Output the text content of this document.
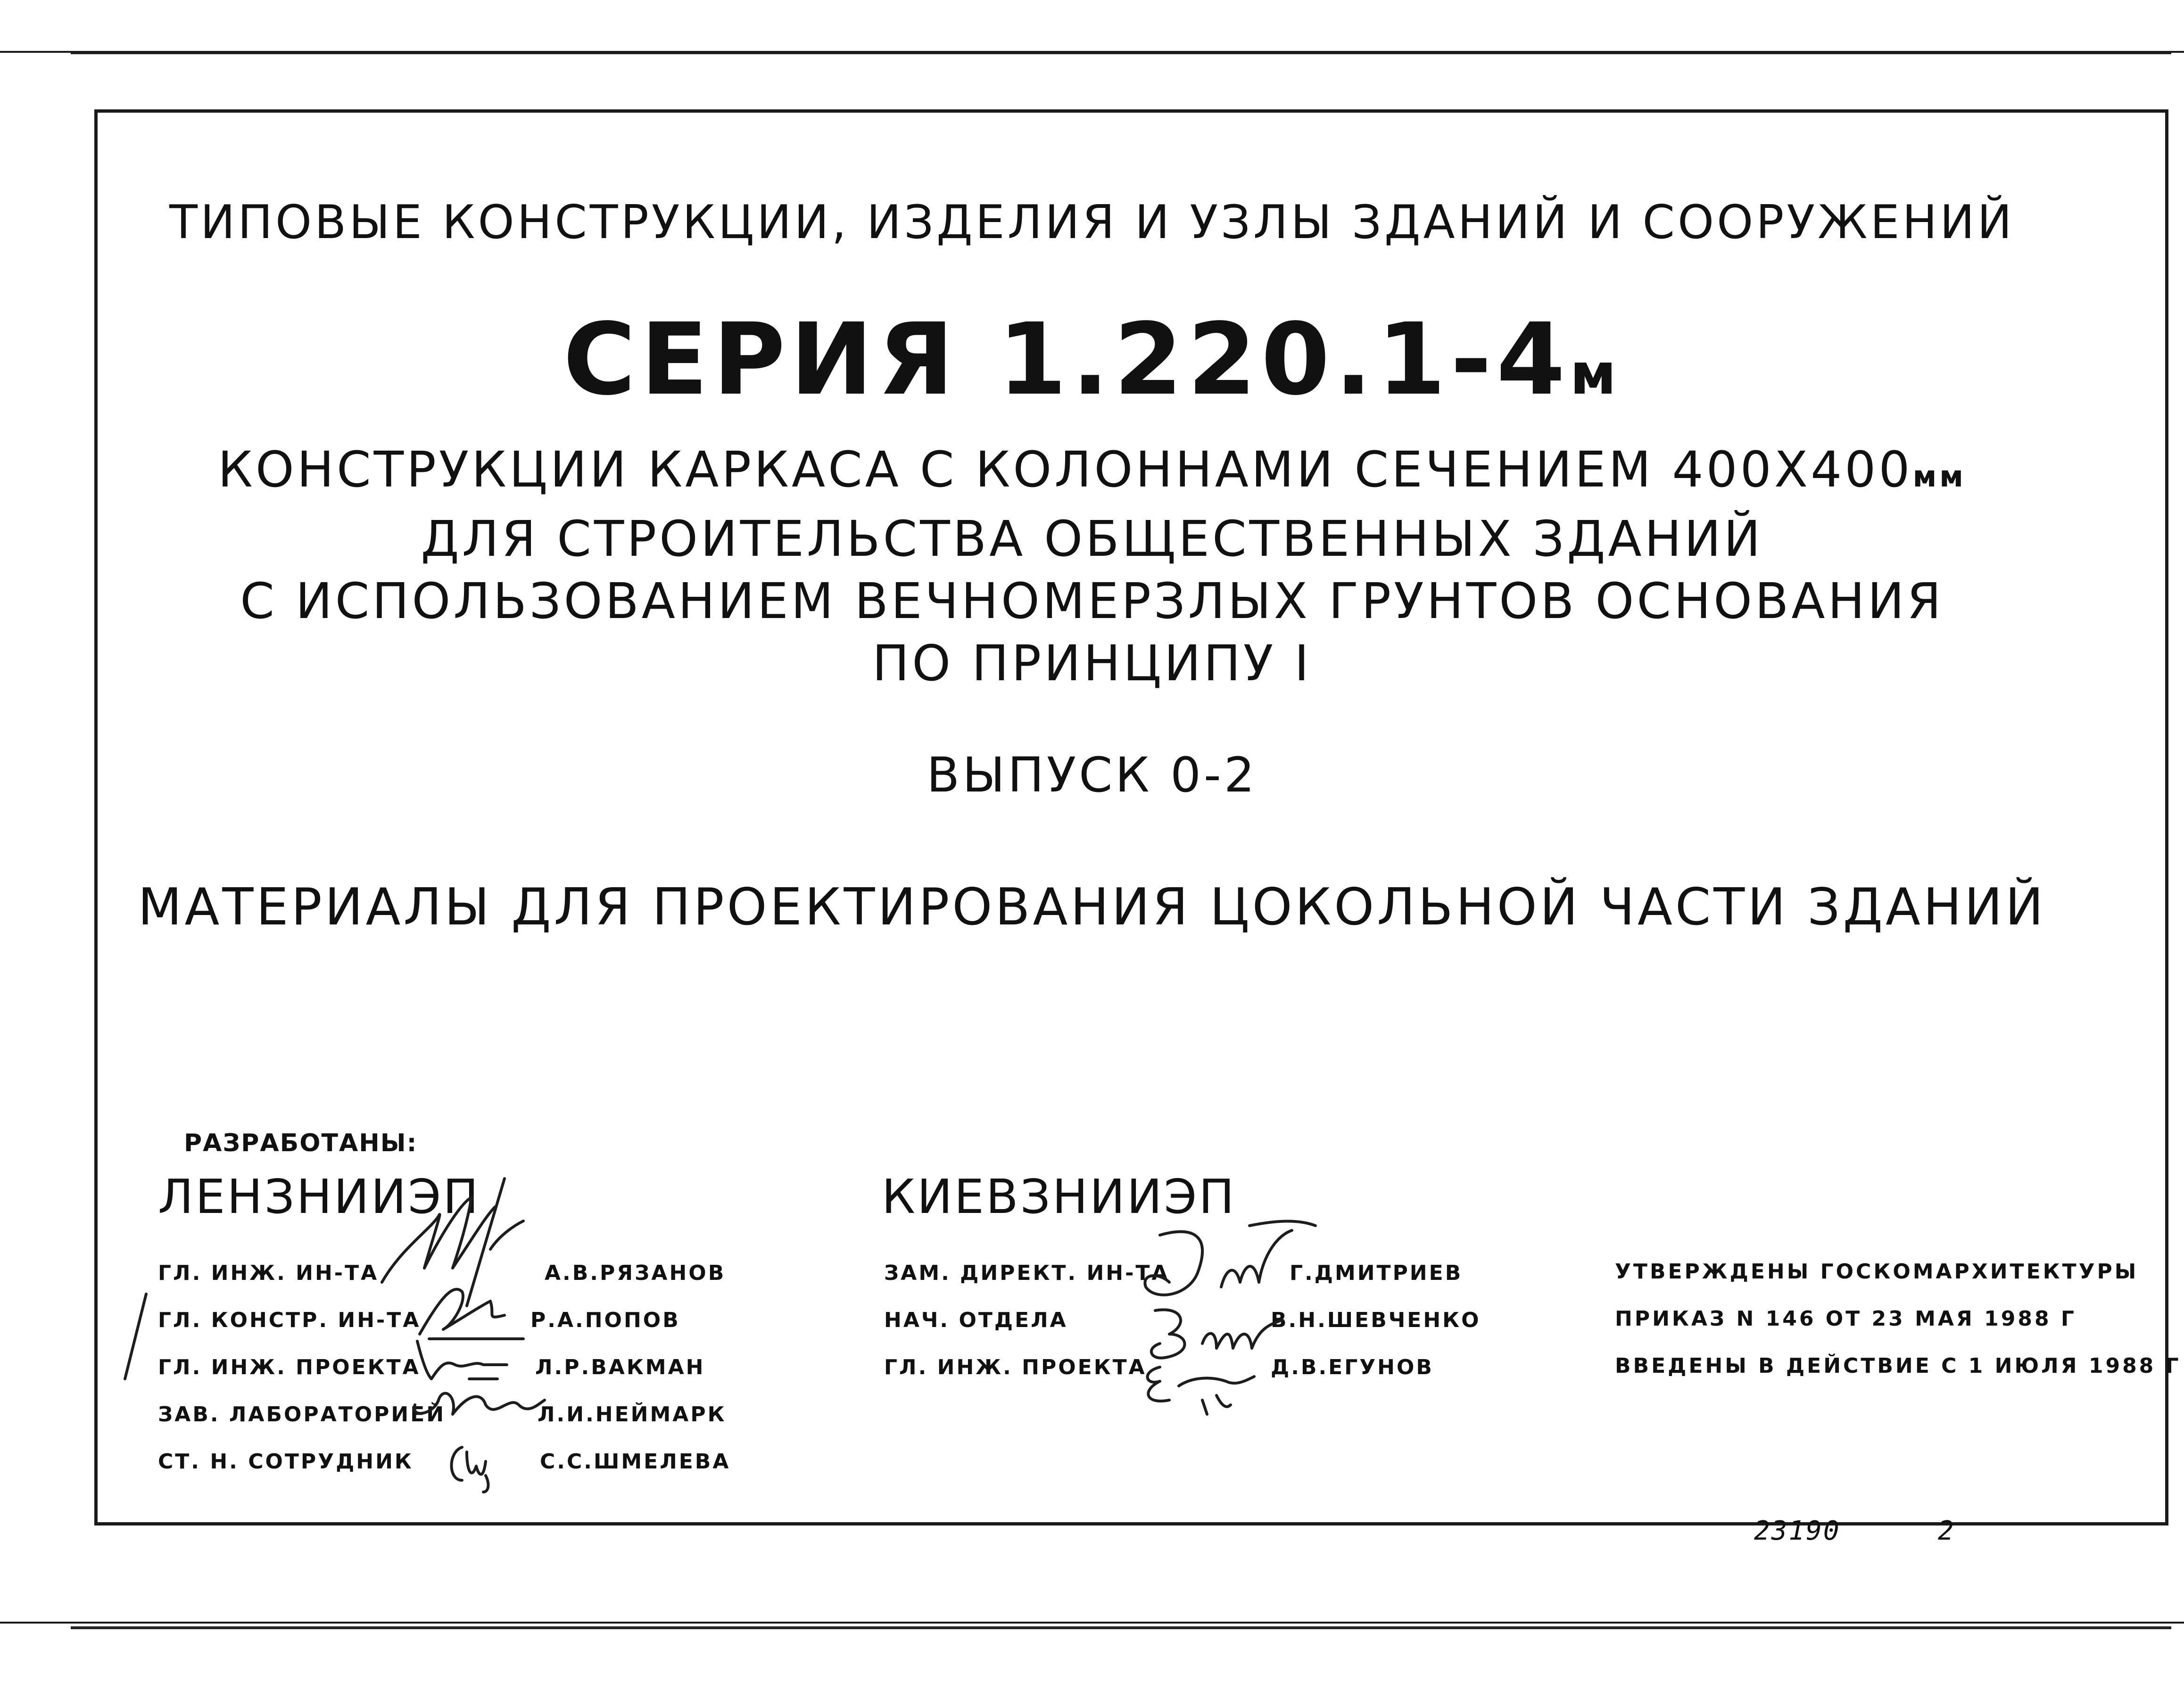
ТИПОВЫЕ КОНСТРУКЦИИ, ИЗДЕЛИЯ И УЗЛЫ ЗДАНИЙ И СООРУЖЕНИЙ
СЕРИЯ 1.220.1-4м
КОНСТРУКЦИИ КАРКАСА С КОЛОННАМИ СЕЧЕНИЕМ 400Х400мм
ДЛЯ СТРОИТЕЛЬСТВА ОБЩЕСТВЕННЫХ ЗДАНИЙ
С ИСПОЛЬЗОВАНИЕМ ВЕЧНОМЕРЗЛЫХ ГРУНТОВ ОСНОВАНИЯ
ПО ПРИНЦИПУ I
ВЫПУСК 0-2
МАТЕРИАЛЫ ДЛЯ ПРОЕКТИРОВАНИЯ ЦОКОЛЬНОЙ ЧАСТИ ЗДАНИЙ
РАЗРАБОТАНЫ:
ЛЕНЗНИИЭП
ГЛ. ИНЖ. ИН-ТА	А.В.РЯЗАНОВ
ГЛ. КОНСТР. ИН-ТА	Р.А.ПОПОВ
ГЛ. ИНЖ. ПРОЕКТА	Л.Р.ВАКМАН
ЗАВ. ЛАБОРАТОРИЕЙ	Л.И.НЕЙМАРК
СТ. Н. СОТРУДНИК	С.С.ШМЕЛЕВА
КИЕВЗНИИЭП
ЗАМ. ДИРЕКТ. ИН-ТА	Г.ДМИТРИЕВ
НАЧ. ОТДЕЛА	В.Н.ШЕВЧЕНКО
ГЛ. ИНЖ. ПРОЕКТА	Д.В.ЕГУНОВ
УТВЕРЖДЕНЫ ГОСКОМАРХИТЕКТУРЫ
ПРИКАЗ N 146 ОТ 23 МАЯ 1988 Г
ВВЕДЕНЫ В ДЕЙСТВИЕ С 1 ИЮЛЯ 1988 Г
23190	2
